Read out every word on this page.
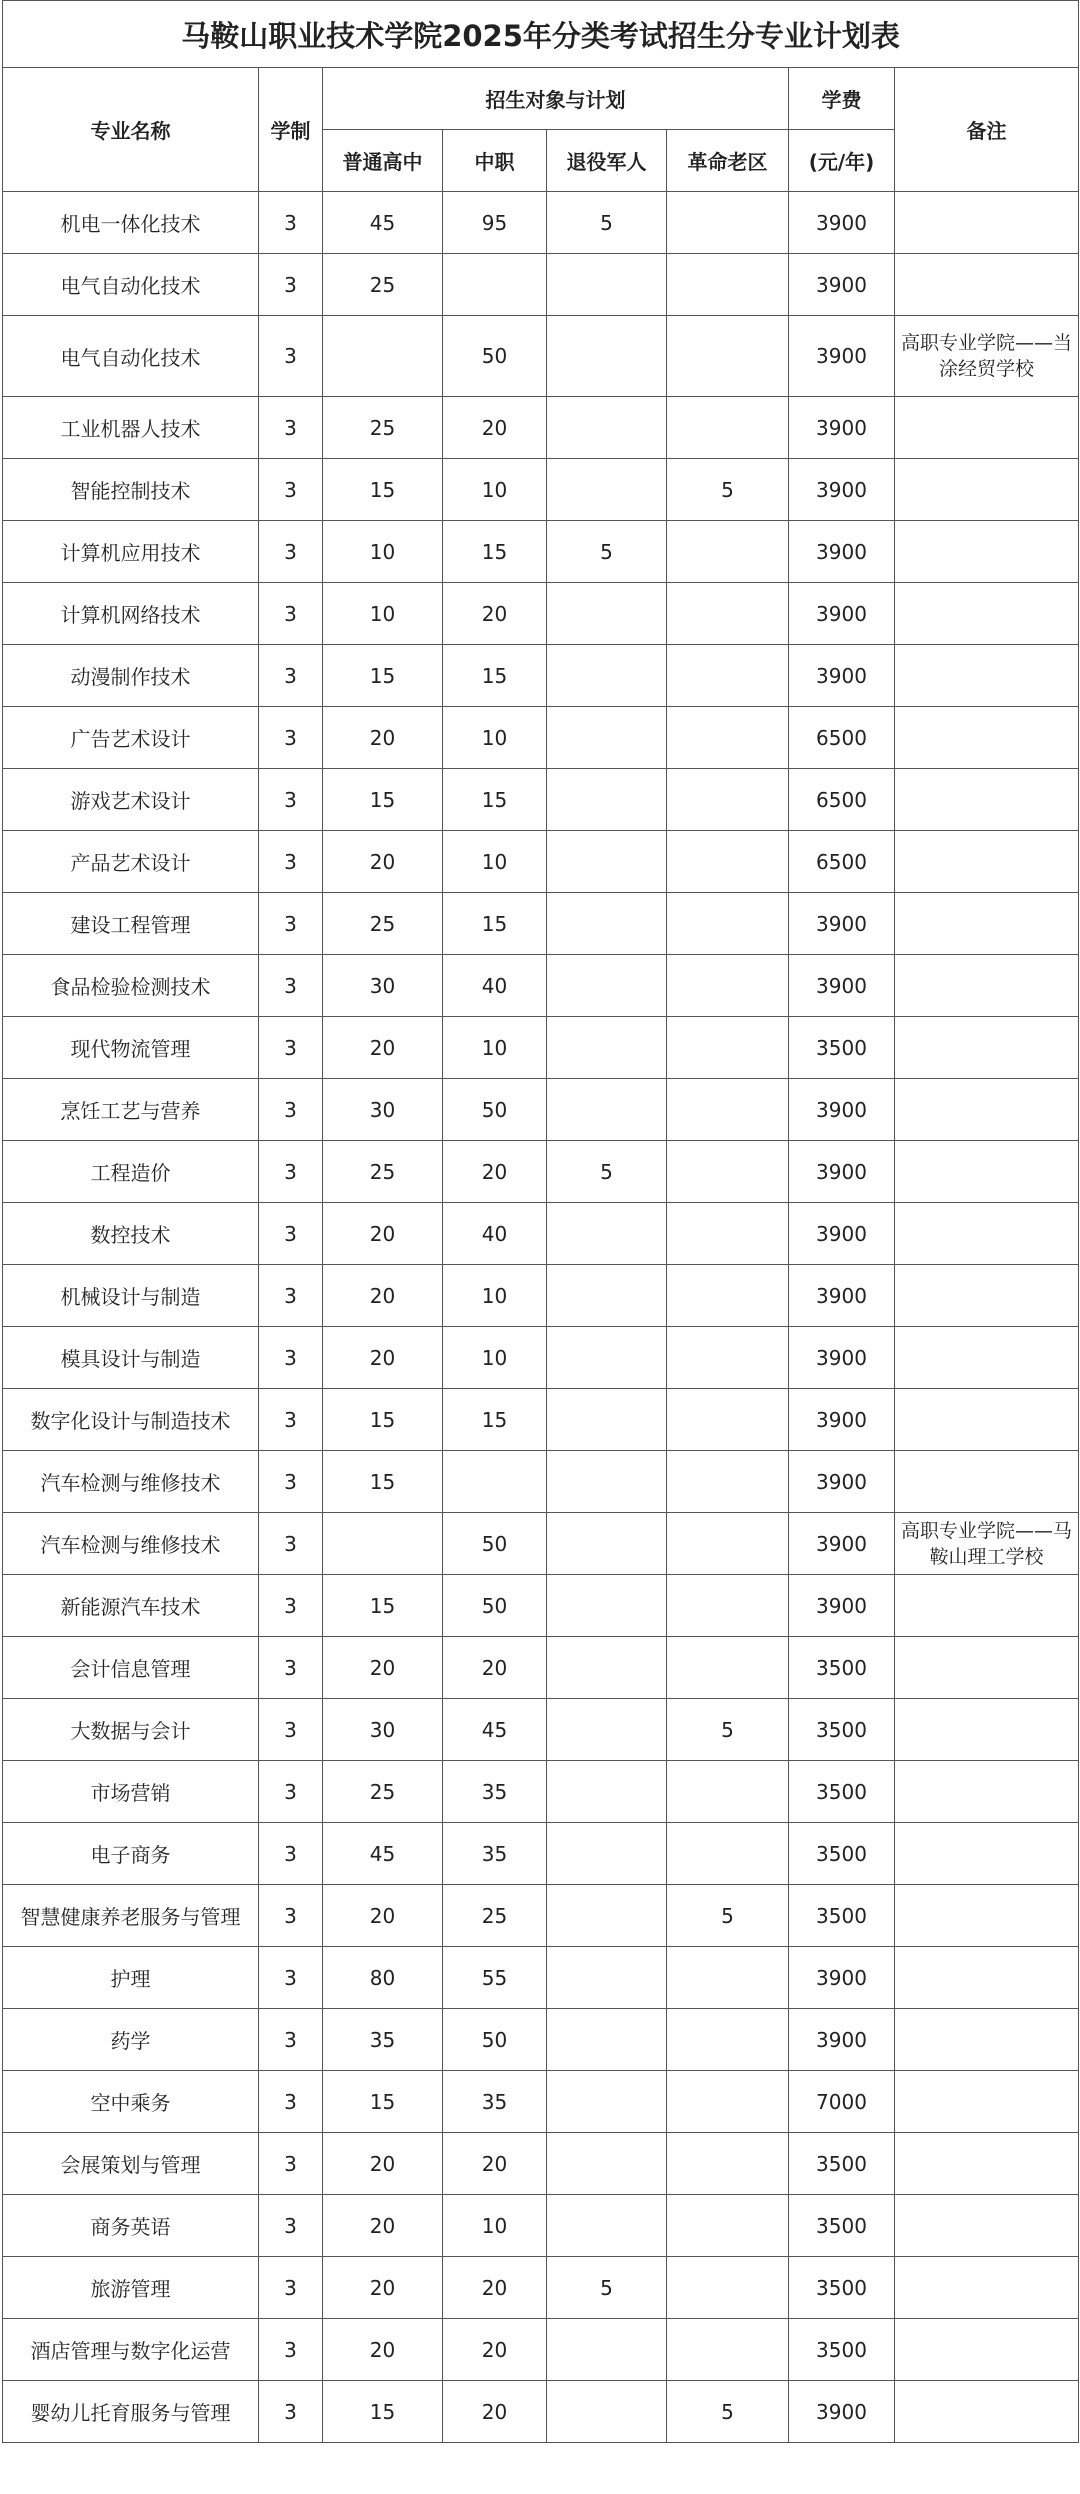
马鞍山职业技术学院2025年分类考试招生分专业计划表							
专业名称	学制	招生对象与计划				学费	备注
		普通高中	中职	退役军人	革命老区	(元/年)	
机电一体化技术	3	45	95	5		3900	
电气自动化技术	3	25				3900	
电气自动化技术	3		50			3900	高职专业学院——当涂经贸学校
工业机器人技术	3	25	20			3900	
智能控制技术	3	15	10		5	3900	
计算机应用技术	3	10	15	5		3900	
计算机网络技术	3	10	20			3900	
动漫制作技术	3	15	15			3900	
广告艺术设计	3	20	10			6500	
游戏艺术设计	3	15	15			6500	
产品艺术设计	3	20	10			6500	
建设工程管理	3	25	15			3900	
食品检验检测技术	3	30	40			3900	
现代物流管理	3	20	10			3500	
烹饪工艺与营养	3	30	50			3900	
工程造价	3	25	20	5		3900	
数控技术	3	20	40			3900	
机械设计与制造	3	20	10			3900	
模具设计与制造	3	20	10			3900	
数字化设计与制造技术	3	15	15			3900	
汽车检测与维修技术	3	15				3900	
汽车检测与维修技术	3		50			3900	高职专业学院——马鞍山理工学校
新能源汽车技术	3	15	50			3900	
会计信息管理	3	20	20			3500	
大数据与会计	3	30	45		5	3500	
市场营销	3	25	35			3500	
电子商务	3	45	35			3500	
智慧健康养老服务与管理	3	20	25		5	3500	
护理	3	80	55			3900	
药学	3	35	50			3900	
空中乘务	3	15	35			7000	
会展策划与管理	3	20	20			3500	
商务英语	3	20	10			3500	
旅游管理	3	20	20	5		3500	
酒店管理与数字化运营	3	20	20			3500	
婴幼儿托育服务与管理	3	15	20		5	3900	
